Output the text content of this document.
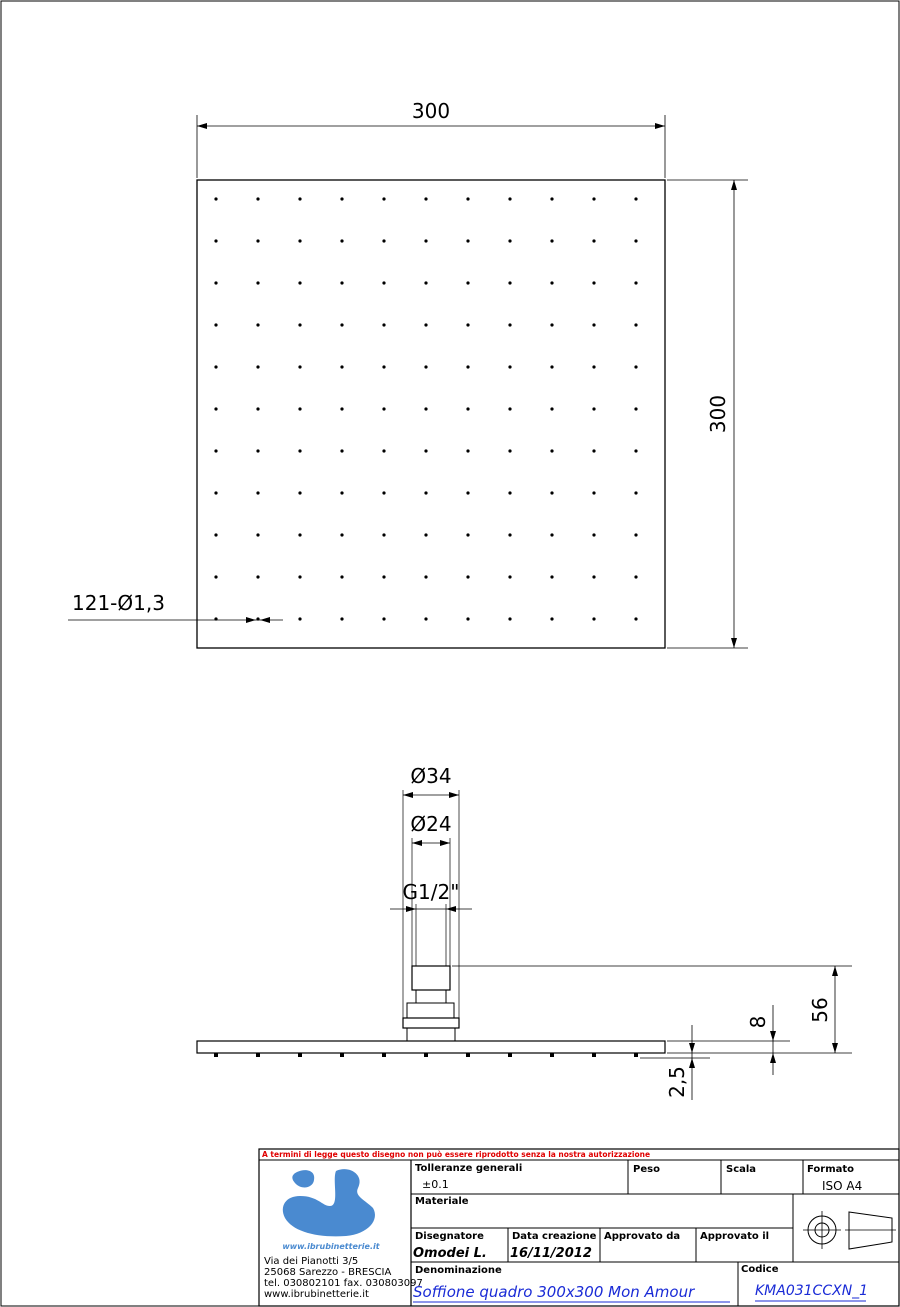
300
300
121-Ø1,3
Ø34
Ø24
G1/2"
56
8
2,5
A termini di legge questo disegno non può essere riprodotto senza la nostra autorizzazione
www.ibrubinetterie.it
Via dei Pianotti 3/5
25068 Sarezzo - BRESCIA
tel. 030802101 fax. 030803097
www.ibrubinetterie.it
Tolleranze generali
±0.1
Peso	Scala	Formato
ISO A4
Materiale
Disegnatore
Omodei L.
Data creazione
16/11/2012
Approvato da Approvato il
Denominazione
Soffione quadro 300x300 Mon Amour
Codice
KMA031CCXN_1
